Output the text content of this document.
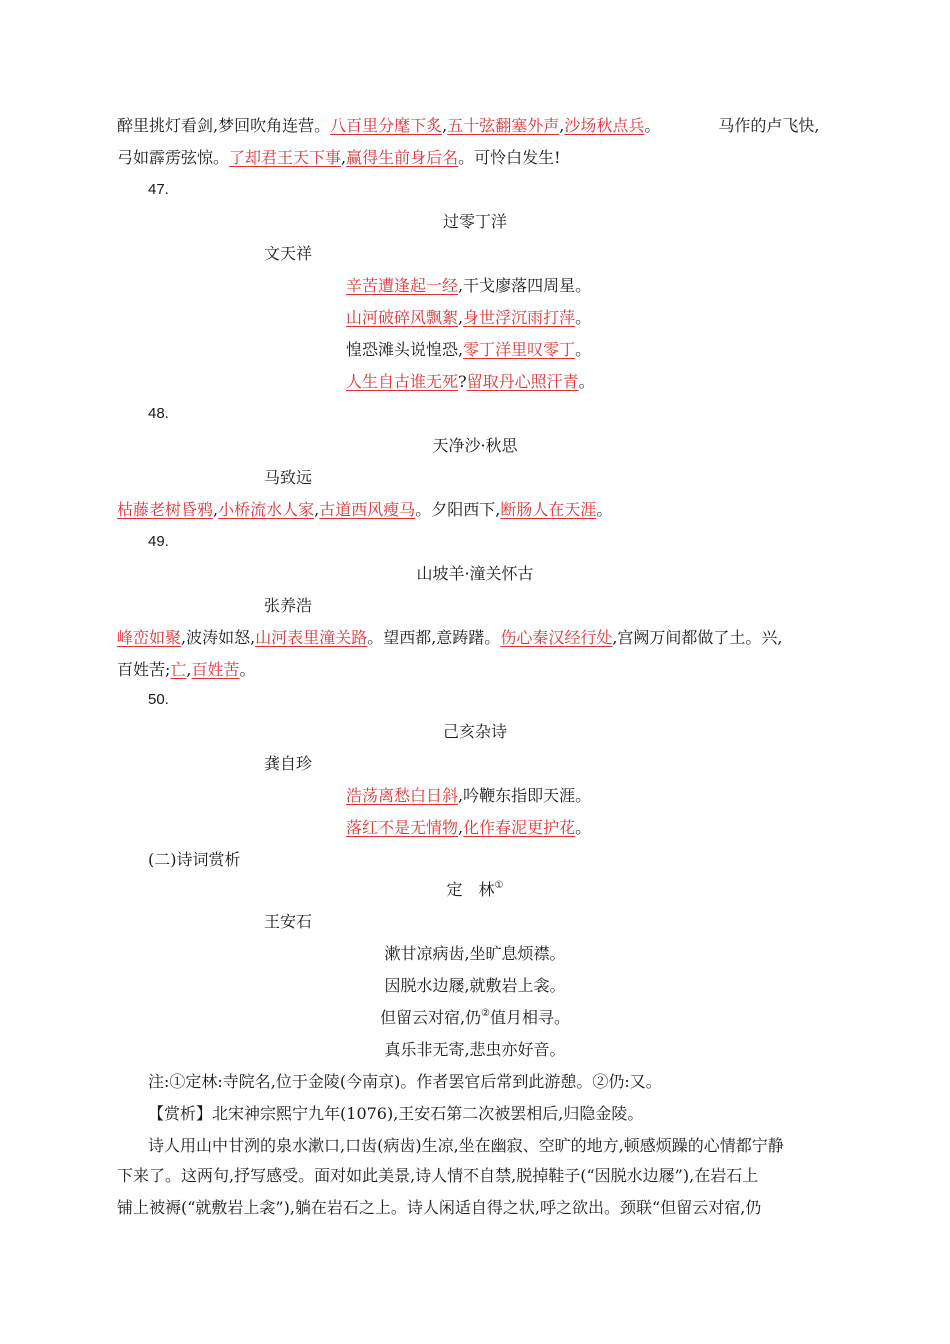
醉里挑灯看剑,梦回吹角连营。八百里分麾下炙,五十弦翻塞外声,沙场秋点兵。	马作的卢飞快,
弓如霹雳弦惊。了却君王天下事,赢得生前身后名。可怜白发生!
47.
过零丁洋
文天祥
辛苦遭逢起一经,干戈廖落四周星。
山河破碎风飘絮,身世浮沉雨打萍。
惶恐滩头说惶恐,零丁洋里叹零丁。
人生自古谁无死?留取丹心照汗青。
48.
天净沙·秋思
马致远
枯藤老树昏鸦,小桥流水人家,古道西风瘦马。夕阳西下,断肠人在天涯。
49.
山坡羊·潼关怀古
张养浩
峰峦如聚,波涛如怒,山河表里潼关路。望西都,意踌躇。伤心秦汉经行处,宫阙万间都做了土。兴,
百姓苦;亡,百姓苦。
50.
己亥杂诗
龚自珍
浩荡离愁白日斜,吟鞭东指即天涯。
落红不是无情物,化作春泥更护花。
(二)诗词赏析
定　林①
王安石
漱甘凉病齿,坐旷息烦襟。
因脱水边屦,就敷岩上衾。
但留云对宿,仍②值月相寻。
真乐非无寄,悲虫亦好音。
注:①定林:寺院名,位于金陵(今南京)。作者罢官后常到此游憩。②仍:又。
【赏析】北宋神宗熙宁九年(1076),王安石第二次被罢相后,归隐金陵。
诗人用山中甘洌的泉水漱口,口齿(病齿)生凉,坐在幽寂、空旷的地方,顿感烦躁的心情都宁静
下来了。这两句,抒写感受。面对如此美景,诗人情不自禁,脱掉鞋子(“因脱水边屦”),在岩石上
铺上被褥(“就敷岩上衾”),躺在岩石之上。诗人闲适自得之状,呼之欲出。颈联“但留云对宿,仍
